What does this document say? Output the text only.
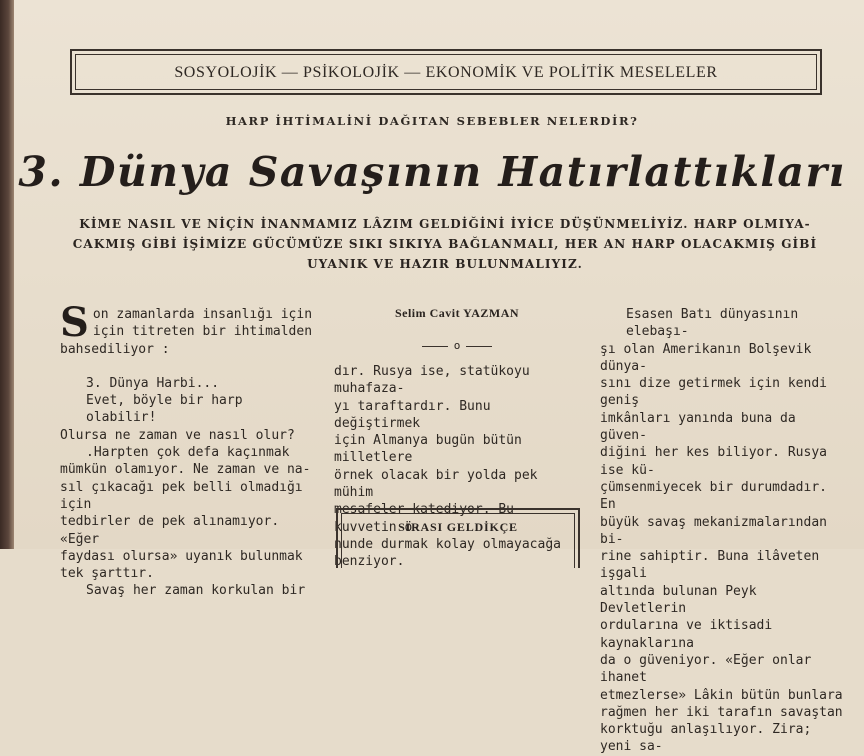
SOSYOLOJİK — PSİKOLOJİK — EKONOMİK VE POLİTİK MESELELER
HARP İHTİMALİNİ DAĞITAN SEBEBLER NELERDİR?
3. Dünya Savaşının Hatırlattıkları
KİME NASIL VE NİÇİN İNANMAMIZ LÂZIM GELDİĞİNİ İYİCE DÜŞÜNMELİYİZ. HARP OLMIYA-
CAKMIŞ GİBİ İŞİMİZE GÜCÜMÜZE SIKI SIKIYA BAĞLANMALI, HER AN HARP OLACAKMIŞ GİBİ
UYANIK VE HAZIR BULUNMALIYIZ.
S on zamanlarda insanlığı için

için titreten bir ihtimalden

bahsediliyor :

3. Dünya Harbi...

Evet, böyle bir harp olabilir!

Olursa ne zaman ve nasıl olur?

.Harpten çok defa kaçınmak

mümkün olamıyor. Ne zaman ve na-

sıl çıkacağı pek belli olmadığı için

tedbirler de pek alınamıyor. «Eğer

faydası olursa» uyanık bulunmak

tek şarttır.

Savaş her zaman korkulan bir

Selim Cavit YAZMAN
o

dır. Rusya ise, statükoyu muhafaza-

yı taraftardır. Bunu değiştirmek

için Almanya bugün bütün milletlere

örnek olacak bir yolda pek mühim

mesafeler katediyor. Bu kuvvetin ö-

nunde durmak kolay olmayacağa

benziyor.

SIRASI GELDİKÇE

Esasen Batı dünyasının elebaşı-

şı olan Amerikanın Bolşevik dünya-

sını dize getirmek için kendi geniş

imkânları yanında buna da güven-

diğini her kes biliyor. Rusya ise kü-

çümsenmiyecek bir durumdadır. En

büyük savaş mekanizmalarından bi-

rine sahiptir. Buna ilâveten işgali

altında bulunan Peyk Devletlerin

ordularına ve iktisadi kaynaklarına

da o güveniyor. «Eğer onlar ihanet

etmezlerse» Lâkin bütün bunlara

rağmen her iki tarafın savaştan

korktuğu anlaşılıyor. Zira; yeni sa-
